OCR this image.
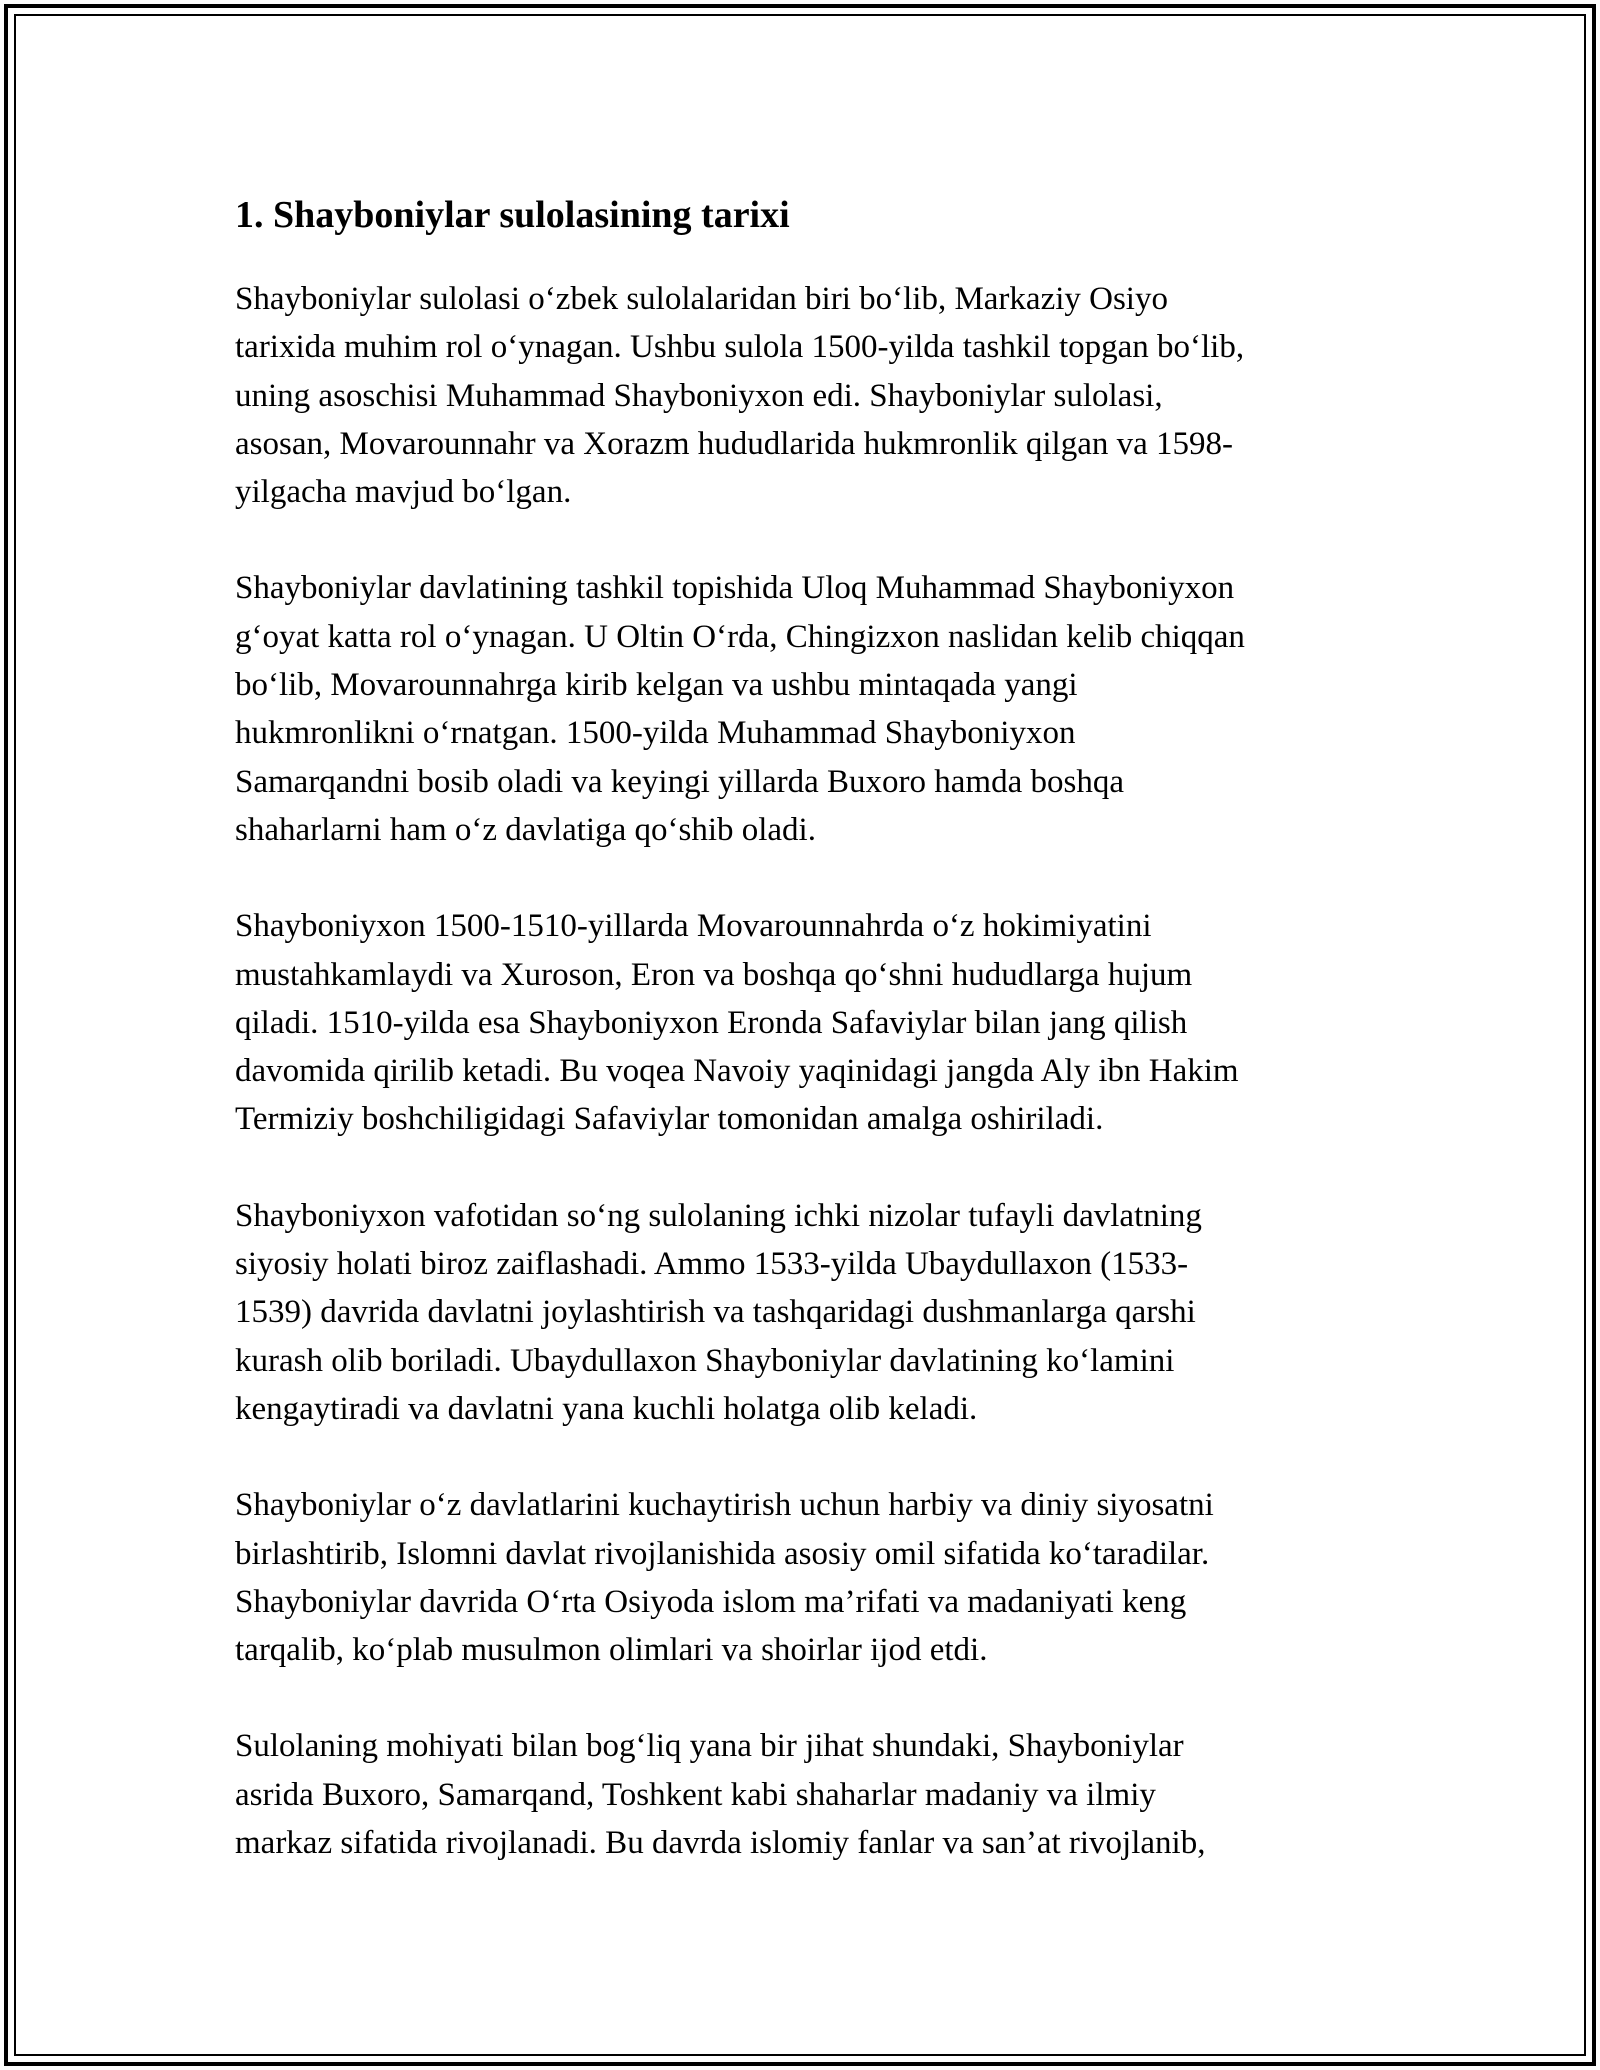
1. Shayboniylar sulolasining tarixi

Shayboniylar sulolasi o‘zbek sulolalaridan biri bo‘lib, Markaziy Osiyo
tarixida muhim rol o‘ynagan. Ushbu sulola 1500-yilda tashkil topgan bo‘lib,
uning asoschisi Muhammad Shayboniyxon edi. Shayboniylar sulolasi,
asosan, Movarounnahr va Xorazm hududlarida hukmronlik qilgan va 1598-
yilgacha mavjud bo‘lgan.

Shayboniylar davlatining tashkil topishida Uloq Muhammad Shayboniyxon
g‘oyat katta rol o‘ynagan. U Oltin O‘rda, Chingizxon naslidan kelib chiqqan
bo‘lib, Movarounnahrga kirib kelgan va ushbu mintaqada yangi
hukmronlikni o‘rnatgan. 1500-yilda Muhammad Shayboniyxon
Samarqandni bosib oladi va keyingi yillarda Buxoro hamda boshqa
shaharlarni ham o‘z davlatiga qo‘shib oladi.

Shayboniyxon 1500-1510-yillarda Movarounnahrda o‘z hokimiyatini
mustahkamlaydi va Xuroson, Eron va boshqa qo‘shni hududlarga hujum
qiladi. 1510-yilda esa Shayboniyxon Eronda Safaviylar bilan jang qilish
davomida qirilib ketadi. Bu voqea Navoiy yaqinidagi jangda Aly ibn Hakim
Termiziy boshchiligidagi Safaviylar tomonidan amalga oshiriladi.

Shayboniyxon vafotidan so‘ng sulolaning ichki nizolar tufayli davlatning
siyosiy holati biroz zaiflashadi. Ammo 1533-yilda Ubaydullaxon (1533-
1539) davrida davlatni joylashtirish va tashqaridagi dushmanlarga qarshi
kurash olib boriladi. Ubaydullaxon Shayboniylar davlatining ko‘lamini
kengaytiradi va davlatni yana kuchli holatga olib keladi.

Shayboniylar o‘z davlatlarini kuchaytirish uchun harbiy va diniy siyosatni
birlashtirib, Islomni davlat rivojlanishida asosiy omil sifatida ko‘taradilar.
Shayboniylar davrida O‘rta Osiyoda islom ma’rifati va madaniyati keng
tarqalib, ko‘plab musulmon olimlari va shoirlar ijod etdi.

Sulolaning mohiyati bilan bog‘liq yana bir jihat shundaki, Shayboniylar
asrida Buxoro, Samarqand, Toshkent kabi shaharlar madaniy va ilmiy
markaz sifatida rivojlanadi. Bu davrda islomiy fanlar va san’at rivojlanib,
